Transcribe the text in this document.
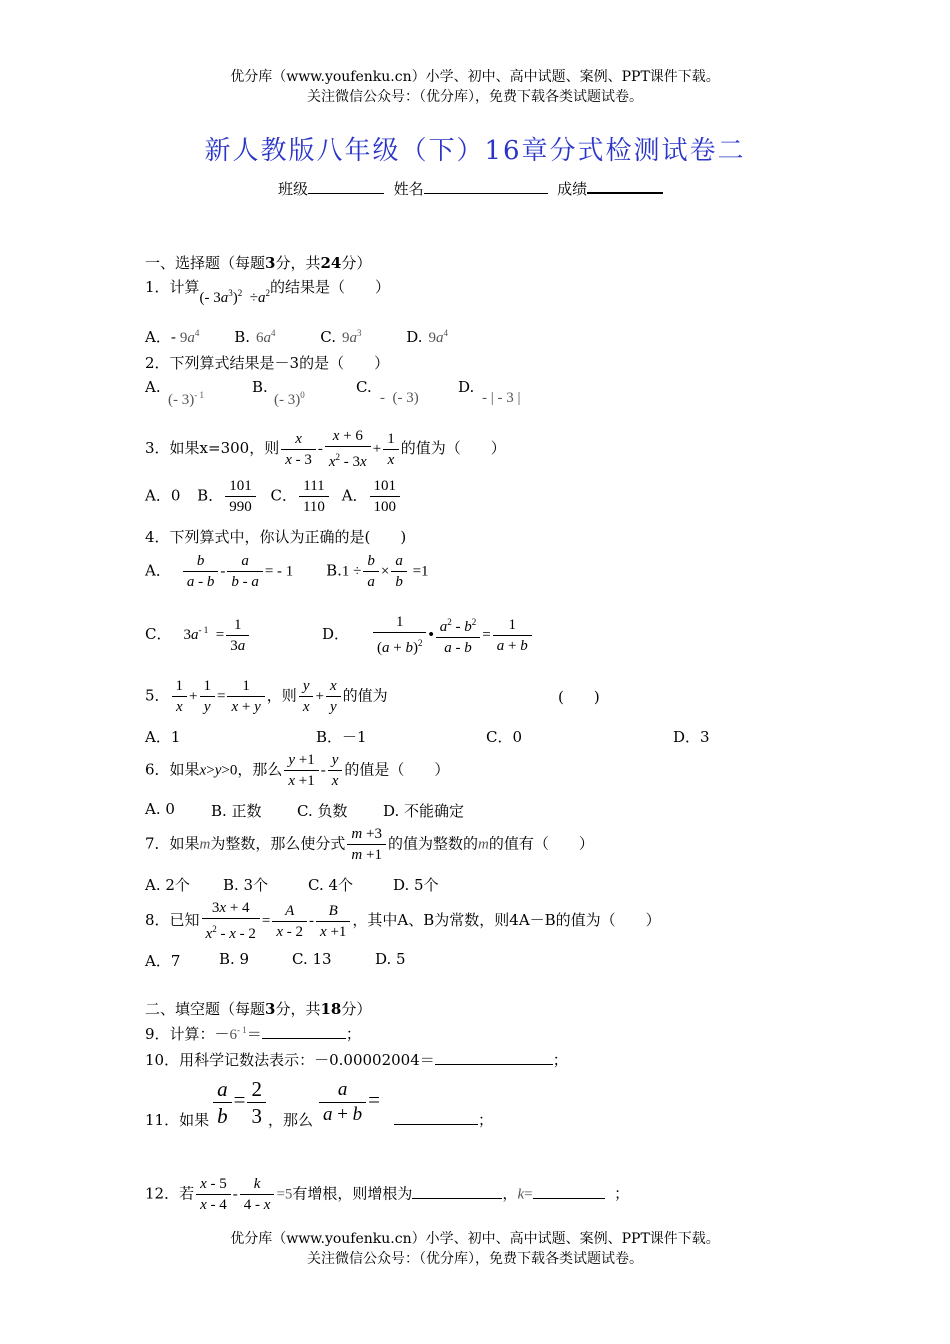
优分库（www.youfenku.cn）小学、初中、高中试题、案例、PPT课件下载。
关注微信公众号：（优分库），免费下载各类试题试卷。
新人教版八年级（下）16章分式检测试卷二
班级	姓名	成绩
一、选择题（每题3分，共24分）
1．计算(- $3a^3)^2 \div a^2$的结果是（　　）
A．- $9a^4$ B. $6a^4$	C. $9a^3$	D. $9a^4$
2．下列算式结果是－3的是（　　）
A.
(- 3)$^{- 1}$	B.
(- 3)$^0$	C.
-  (- 3)
D.
- | - 3 |
3．如果x=300，则 $\frac{x}{x - 3} - \frac{x + 6}{x^2 - 3x} + \frac{1}{x}$ 的值为（　　）
A．0 B． $\frac{101}{990}$ C． $\frac{111}{110}$ A． $\frac{101}{100}$
4．下列算式中，你认为正确的是(　　)
A． $\frac{b}{a - b} - \frac{a}{b - a}$ = - 1 $B.1 \div \frac{b}{a} \times \frac{a}{b} =1$
C． $3a^{- 1} = \frac{1}{3a}$	D． $\frac{1}{(a + b)^2}$ • $\frac{a^2 - b^2}{a - b} = \frac{1}{a + b}$
5． $\frac{1}{x} + \frac{1}{y} = \frac{1}{x + y}$ ，则 $\frac{y}{x} + \frac{x}{y}$ 的值为	(　　)
A．1	B．－1	C．0	D．3
6．如果x>y>0，那么 $\frac{y +1}{x +1} - \frac{y}{x}$ 的值是（　　）
A. 0 B. 正数 C. 负数 D. 不能确定
7．如果m为整数，那么使分式 $\frac{m +3}{m +1}$ 的值为整数的m的值有（　　）
A. 2个 B. 3个	C. 4个	D. 5个
8．已知 $\frac{3x + 4}{x^2 - x - 2} = \frac{A}{x - 2} - \frac{B}{x +1}$ ，其中A、B为常数，则4A－B的值为（　　）
A．7	B. 9	C. 13	D. 5
二、填空题（每题3分，共18分）
9．计算：$-6^{- 1}=$	；
10．用科学记数法表示：－0.00002004＝	；
11．如果 $\frac{a}{b} = \frac{2}{3}$ ，那么 $\frac{a}{a + b}$ =；
12．若 $\frac{x - 5}{x - 4} - \frac{k}{4 - x} =5$有增根，则增根为	，k=	；
优分库（www.youfenku.cn）小学、初中、高中试题、案例、PPT课件下载。
关注微信公众号：（优分库），免费下载各类试题试卷。
